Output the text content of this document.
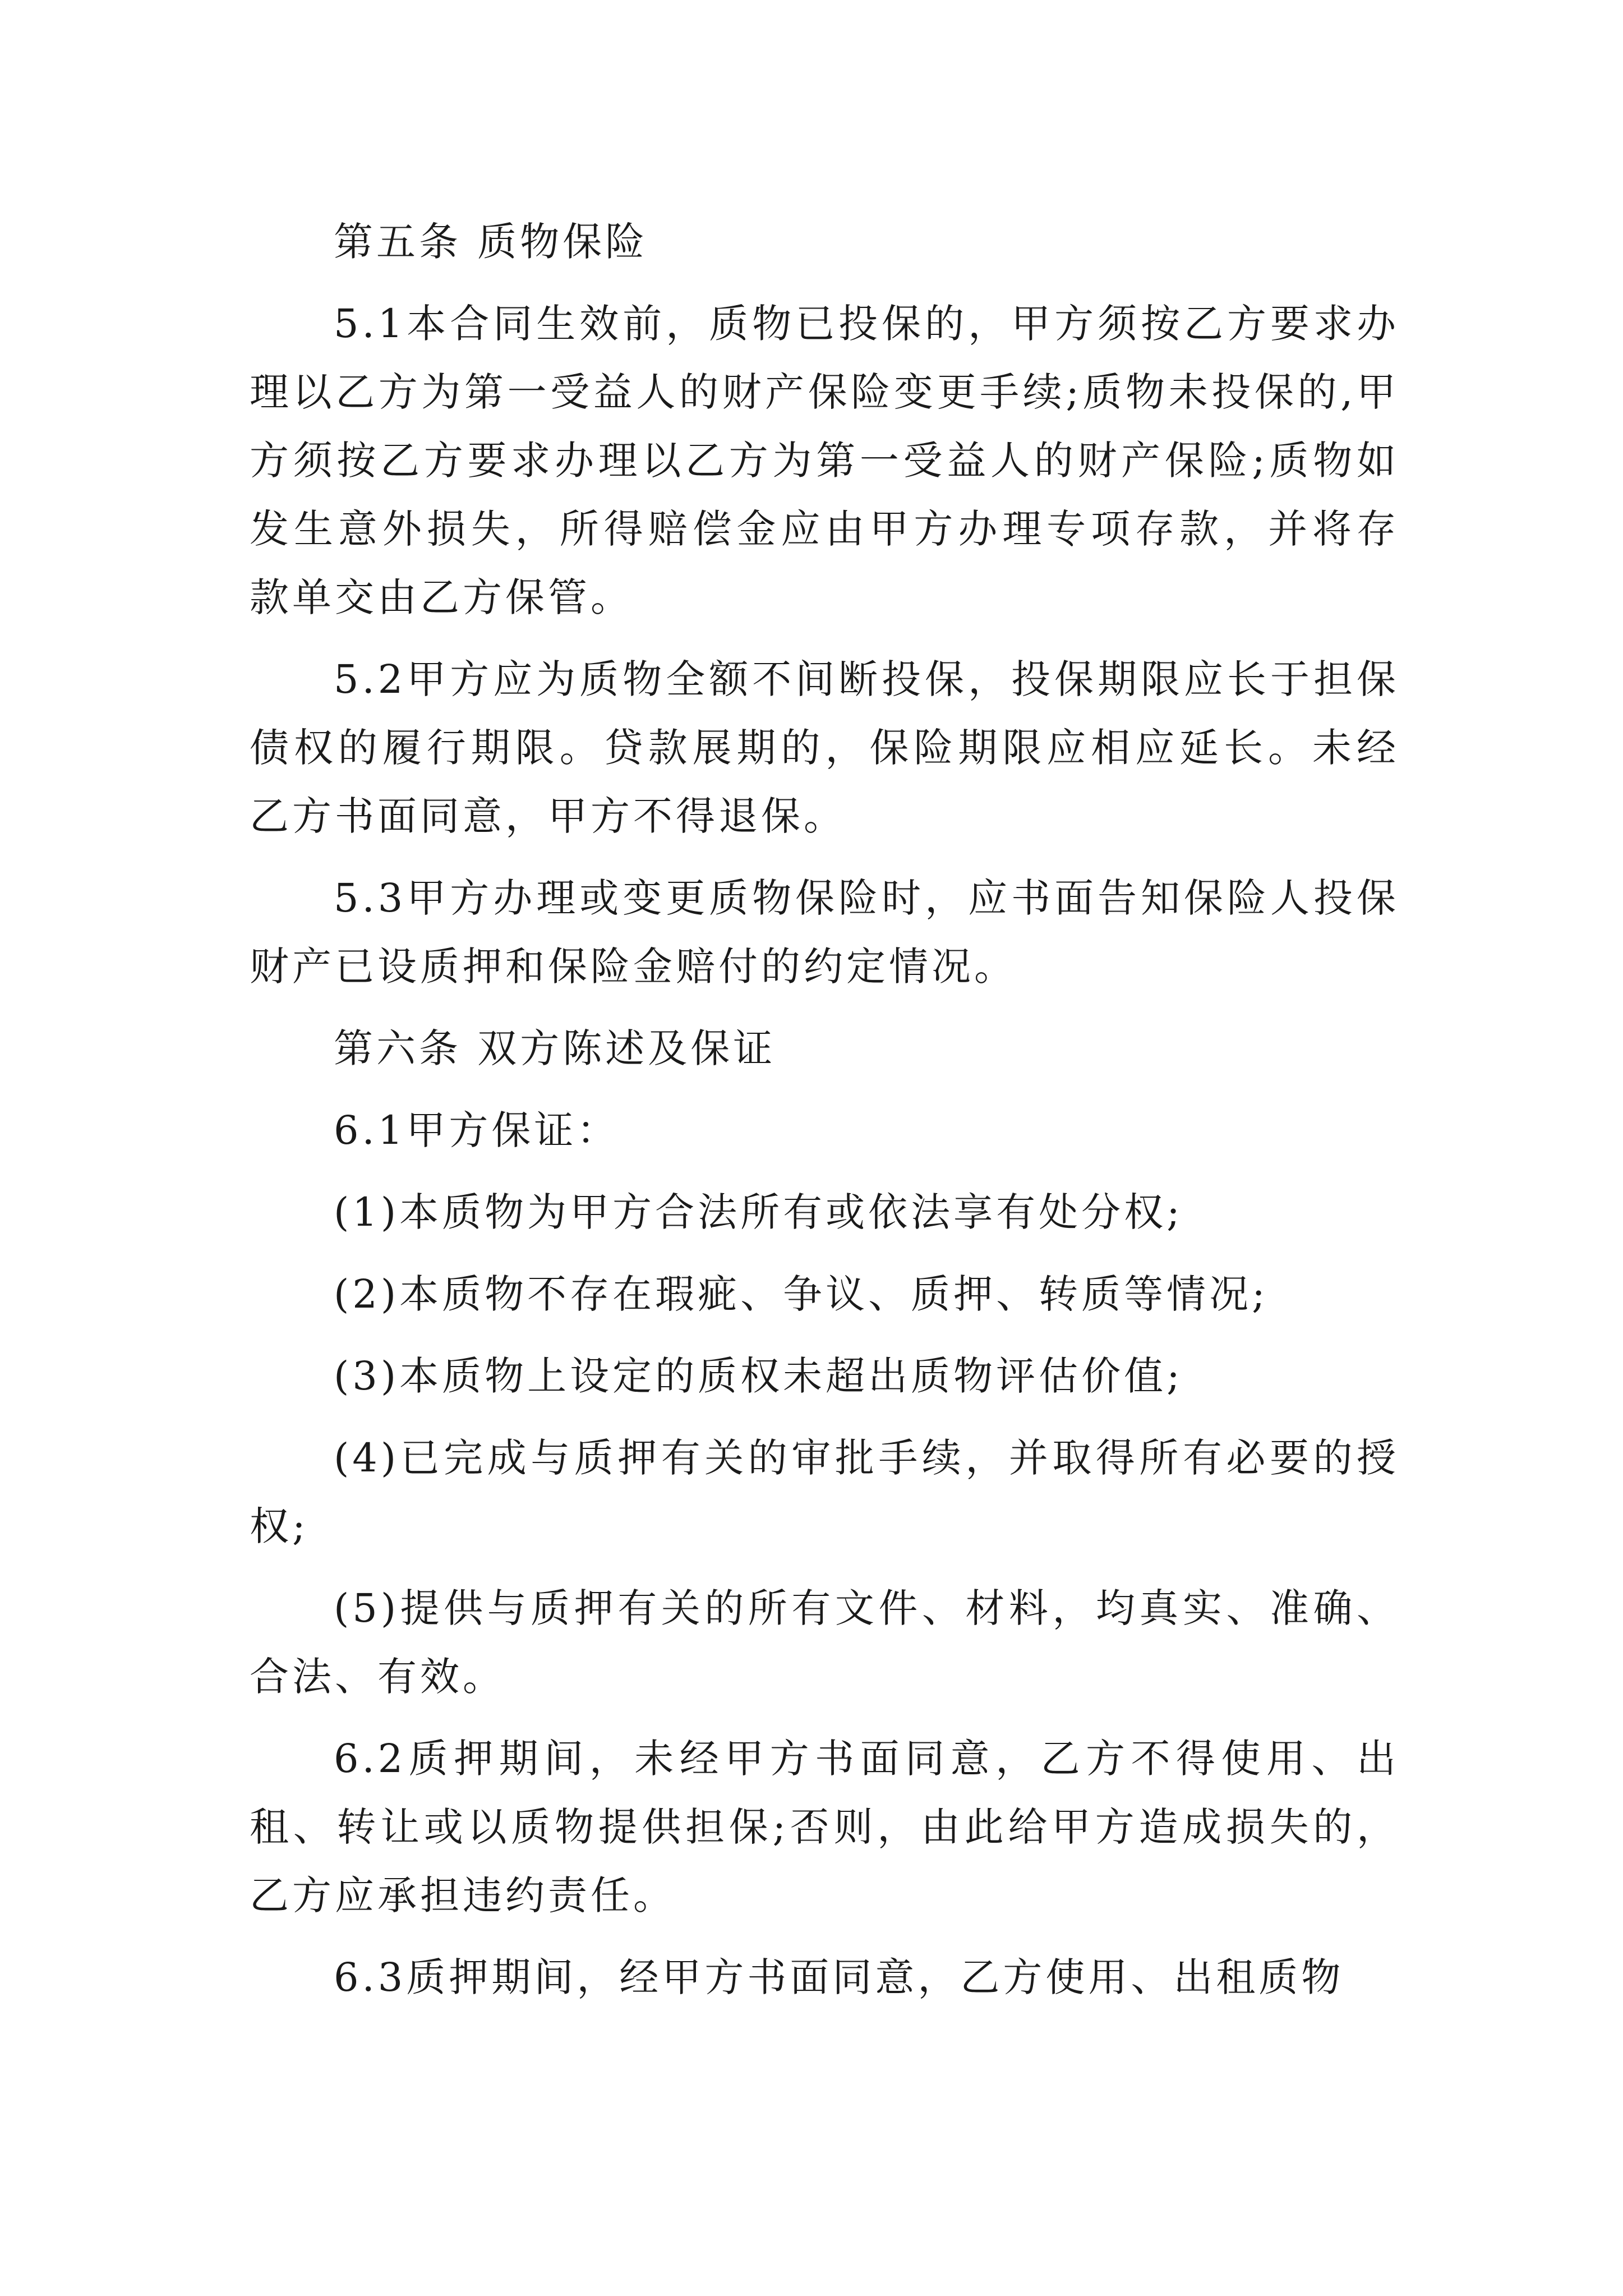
第五条 质物保险

5.1本合同生效前，质物已投保的，甲方须按乙方要求办理以乙方为第一受益人的财产保险变更手续;质物未投保的,甲方须按乙方要求办理以乙方为第一受益人的财产保险;质物如发生意外损失，所得赔偿金应由甲方办理专项存款，并将存款单交由乙方保管。

5.2甲方应为质物全额不间断投保，投保期限应长于担保债权的履行期限。贷款展期的，保险期限应相应延长。未经乙方书面同意，甲方不得退保。

5.3甲方办理或变更质物保险时，应书面告知保险人投保财产已设质押和保险金赔付的约定情况。

第六条 双方陈述及保证

6.1甲方保证：

(1)本质物为甲方合法所有或依法享有处分权;

(2)本质物不存在瑕疵、争议、质押、转质等情况;

(3)本质物上设定的质权未超出质物评估价值;

(4)已完成与质押有关的审批手续，并取得所有必要的授权;

(5)提供与质押有关的所有文件、材料，均真实、准确、合法、有效。

6.2质押期间，未经甲方书面同意，乙方不得使用、出租、转让或以质物提供担保;否则，由此给甲方造成损失的，乙方应承担违约责任。

6.3质押期间，经甲方书面同意，乙方使用、出租质物
